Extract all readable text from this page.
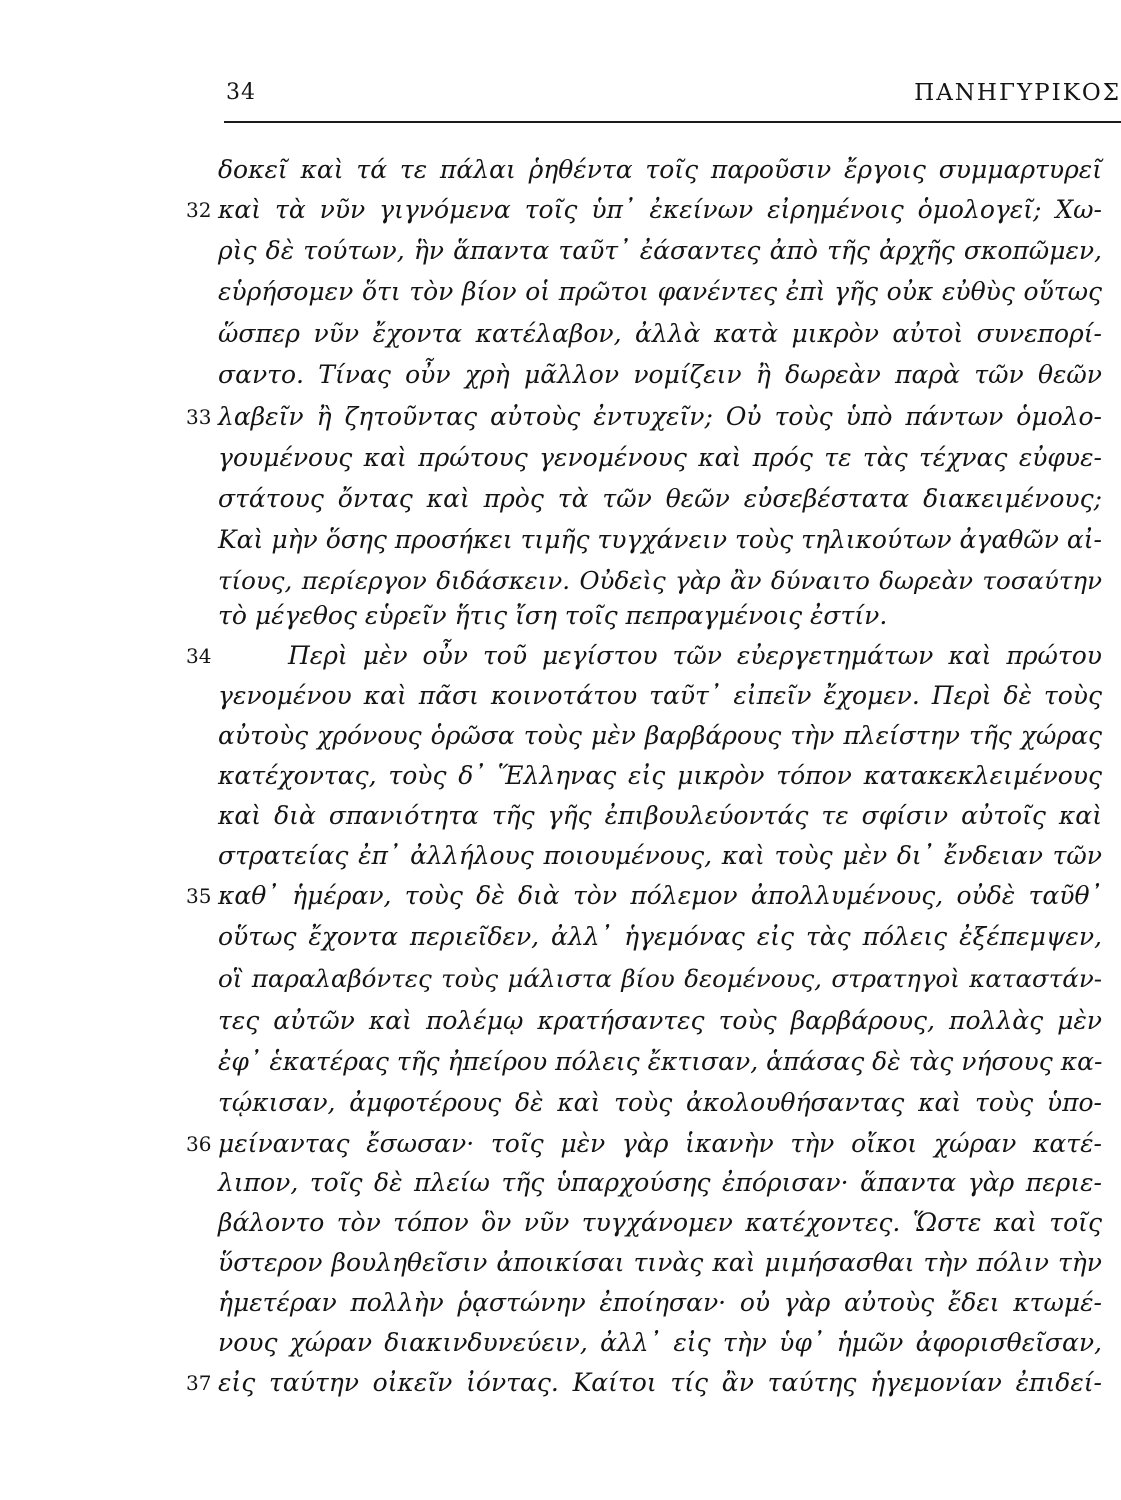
34	ΠΑΝΗΓΥΡΙΚΟΣ
32
33
34
35
36
37
δοκεῖ καὶ τά τε πάλαι ῥηθέντα τοῖς παροῦσιν ἔργοις συμμαρτυρεῖ
καὶ τὰ νῦν γιγνόμενα τοῖς ὑπ᾽ ἐκείνων εἰρημένοις ὁμολογεῖ; Χω-
ρὶς δὲ τούτων, ἣν ἅπαντα ταῦτ᾽ ἐάσαντες ἀπὸ τῆς ἀρχῆς σκοπῶμεν,
εὑρήσομεν ὅτι τὸν βίον οἱ πρῶτοι φανέντες ἐπὶ γῆς οὐκ εὐθὺς οὕτως
ὥσπερ νῦν ἔχοντα κατέλαβον, ἀλλὰ κατὰ μικρὸν αὐτοὶ συνεπορί-
σαντο. Τίνας οὖν χρὴ μᾶλλον νομίζειν ἢ δωρεὰν παρὰ τῶν θεῶν
λαβεῖν ἢ ζητοῦντας αὐτοὺς ἐντυχεῖν; Οὐ τοὺς ὑπὸ πάντων ὁμολο-
γουμένους καὶ πρώτους γενομένους καὶ πρός τε τὰς τέχνας εὐφυε-
στάτους ὄντας καὶ πρὸς τὰ τῶν θεῶν εὐσεβέστατα διακειμένους;
Καὶ μὴν ὅσης προσήκει τιμῆς τυγχάνειν τοὺς τηλικούτων ἀγαθῶν αἰ-
τίους, περίεργον διδάσκειν. Οὐδεὶς γὰρ ἂν δύναιτο δωρεὰν τοσαύτην
τὸ μέγεθος εὑρεῖν ἥτις ἴση τοῖς πεπραγμένοις ἐστίν.
Περὶ μὲν οὖν τοῦ μεγίστου τῶν εὐεργετημάτων καὶ πρώτου
γενομένου καὶ πᾶσι κοινοτάτου ταῦτ᾽ εἰπεῖν ἔχομεν. Περὶ δὲ τοὺς
αὐτοὺς χρόνους ὁρῶσα τοὺς μὲν βαρβάρους τὴν πλείστην τῆς χώρας
κατέχοντας, τοὺς δ᾽ Ἕλληνας εἰς μικρὸν τόπον κατακεκλειμένους
καὶ διὰ σπανιότητα τῆς γῆς ἐπιβουλεύοντάς τε σφίσιν αὐτοῖς καὶ
στρατείας ἐπ᾽ ἀλλήλους ποιουμένους, καὶ τοὺς μὲν δι᾽ ἔνδειαν τῶν
καθ᾽ ἡμέραν, τοὺς δὲ διὰ τὸν πόλεμον ἀπολλυμένους, οὐδὲ ταῦθ᾽
οὕτως ἔχοντα περιεῖδεν, ἀλλ᾽ ἡγεμόνας εἰς τὰς πόλεις ἐξέπεμψεν,
οἳ παραλαβόντες τοὺς μάλιστα βίου δεομένους, στρατηγοὶ καταστάν-
τες αὐτῶν καὶ πολέμῳ κρατήσαντες τοὺς βαρβάρους, πολλὰς μὲν
ἐφ᾽ ἑκατέρας τῆς ἠπείρου πόλεις ἔκτισαν, ἁπάσας δὲ τὰς νήσους κα-
τῴκισαν, ἀμφοτέρους δὲ καὶ τοὺς ἀκολουθήσαντας καὶ τοὺς ὑπο-
μείναντας ἔσωσαν· τοῖς μὲν γὰρ ἱκανὴν τὴν οἴκοι χώραν κατέ-
λιπον, τοῖς δὲ πλείω τῆς ὑπαρχούσης ἐπόρισαν· ἅπαντα γὰρ περιε-
βάλοντο τὸν τόπον ὃν νῦν τυγχάνομεν κατέχοντες. Ὥστε καὶ τοῖς
ὕστερον βουληθεῖσιν ἀποικίσαι τινὰς καὶ μιμήσασθαι τὴν πόλιν τὴν
ἡμετέραν πολλὴν ῥᾳστώνην ἐποίησαν· οὐ γὰρ αὐτοὺς ἔδει κτωμέ-
νους χώραν διακινδυνεύειν, ἀλλ᾽ εἰς τὴν ὑφ᾽ ἡμῶν ἀφορισθεῖσαν,
εἰς ταύτην οἰκεῖν ἰόντας. Καίτοι τίς ἂν ταύτης ἡγεμονίαν ἐπιδεί-
